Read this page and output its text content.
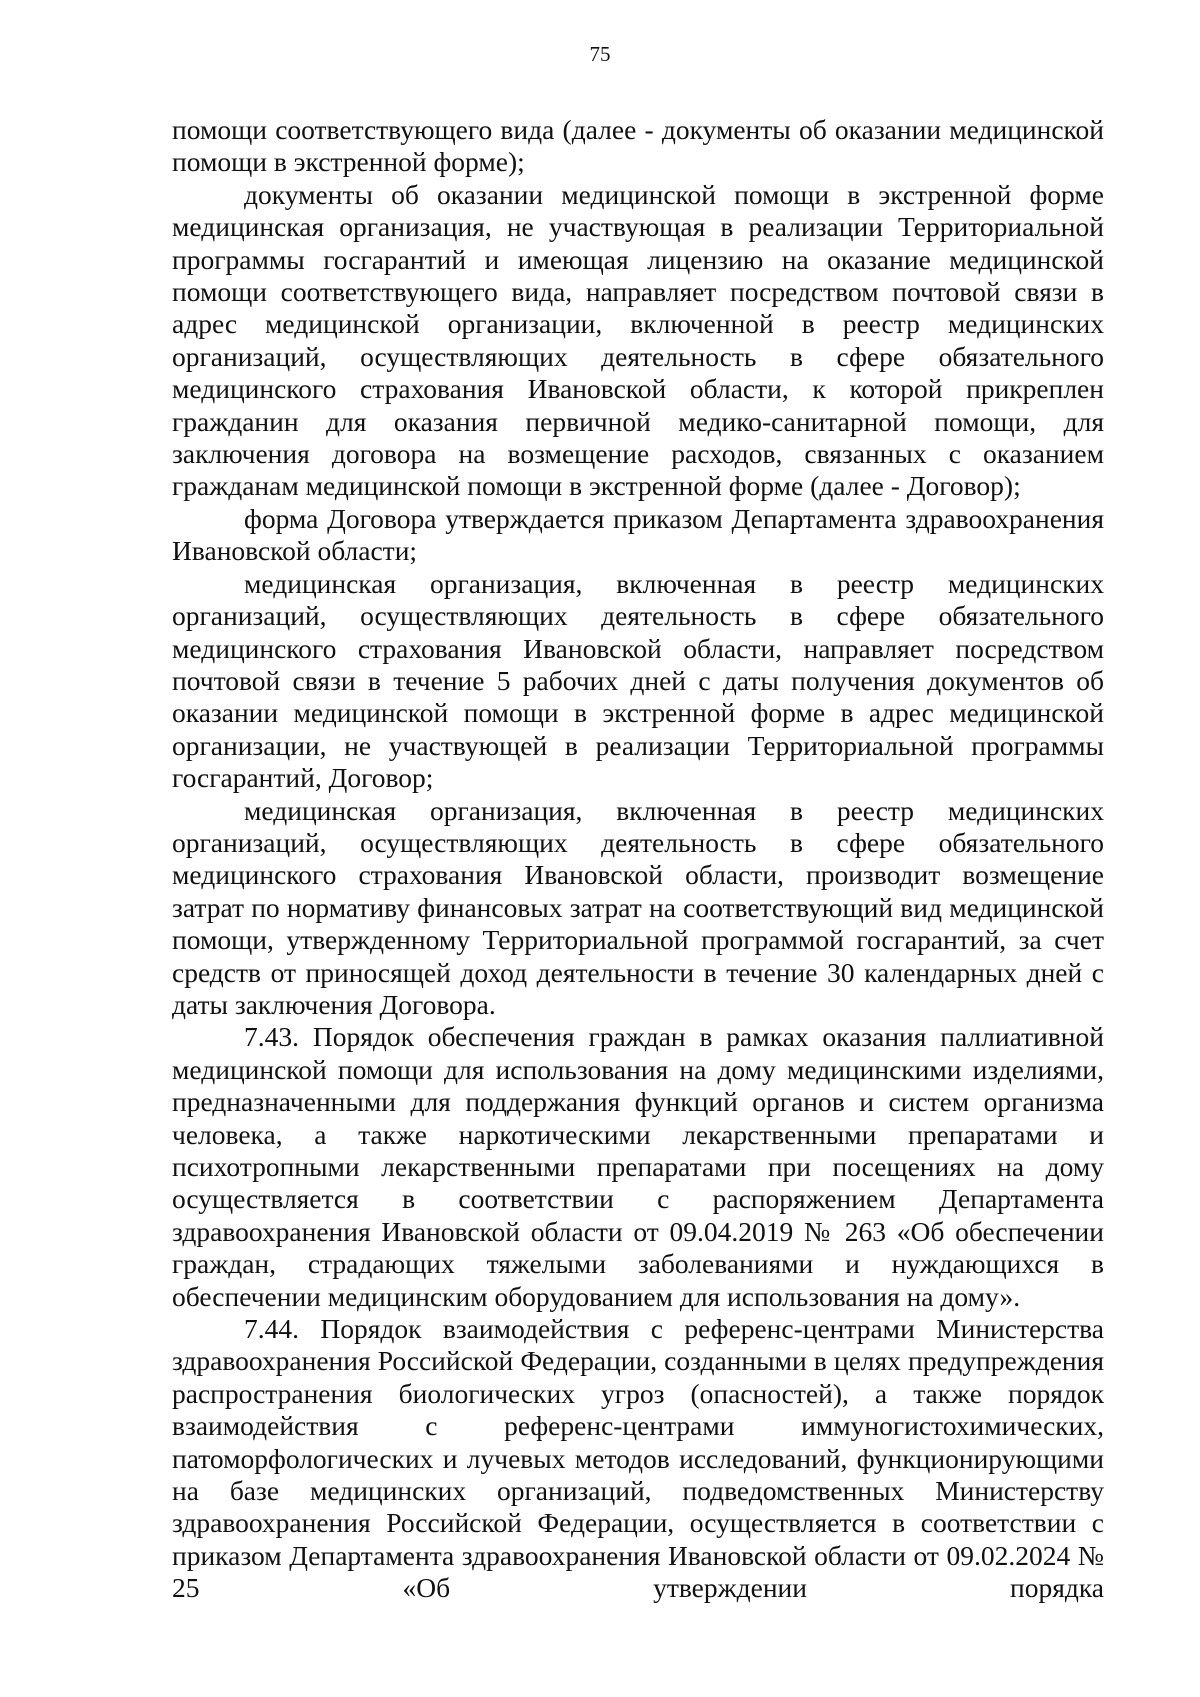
75

помощи соответствующего вида (далее - документы об оказании медицинской помощи в экстренной форме);

документы об оказании медицинской помощи в экстренной форме медицинская организация, не участвующая в реализации Территориальной программы госгарантий и имеющая лицензию на оказание медицинской помощи соответствующего вида, направляет посредством почтовой связи в адрес медицинской организации, включенной в реестр медицинских организаций, осуществляющих деятельность в сфере обязательного медицинского страхования Ивановской области, к которой прикреплен гражданин для оказания первичной медико-санитарной помощи, для заключения договора на возмещение расходов, связанных с оказанием гражданам медицинской помощи в экстренной форме (далее - Договор);

форма Договора утверждается приказом Департамента здравоохранения Ивановской области;

медицинская организация, включенная в реестр медицинских организаций, осуществляющих деятельность в сфере обязательного медицинского страхования Ивановской области, направляет посредством почтовой связи в течение 5 рабочих дней с даты получения документов об оказании медицинской помощи в экстренной форме в адрес медицинской организации, не участвующей в реализации Территориальной программы госгарантий, Договор;

медицинская организация, включенная в реестр медицинских организаций, осуществляющих деятельность в сфере обязательного медицинского страхования Ивановской области, производит возмещение затрат по нормативу финансовых затрат на соответствующий вид медицинской помощи, утвержденному Территориальной программой госгарантий, за счет средств от приносящей доход деятельности в течение 30 календарных дней с даты заключения Договора.

7.43. Порядок обеспечения граждан в рамках оказания паллиативной медицинской помощи для использования на дому медицинскими изделиями, предназначенными для поддержания функций органов и систем организма человека, а также наркотическими лекарственными препаратами и психотропными лекарственными препаратами при посещениях на дому осуществляется в соответствии с распоряжением Департамента здравоохранения Ивановской области от 09.04.2019 № 263 «Об обеспечении граждан, страдающих тяжелыми заболеваниями и нуждающихся в обеспечении медицинским оборудованием для использования на дому».

7.44. Порядок взаимодействия с референс-центрами Министерства здравоохранения Российской Федерации, созданными в целях предупреждения распространения биологических угроз (опасностей), а также порядок взаимодействия с референс-центрами иммуногистохимических, патоморфологических и лучевых методов исследований, функционирующими на базе медицинских организаций, подведомственных Министерству здравоохранения Российской Федерации, осуществляется в соответствии с приказом Департамента здравоохранения Ивановской области от 09.02.2024 № 25 «Об утверждении порядка
